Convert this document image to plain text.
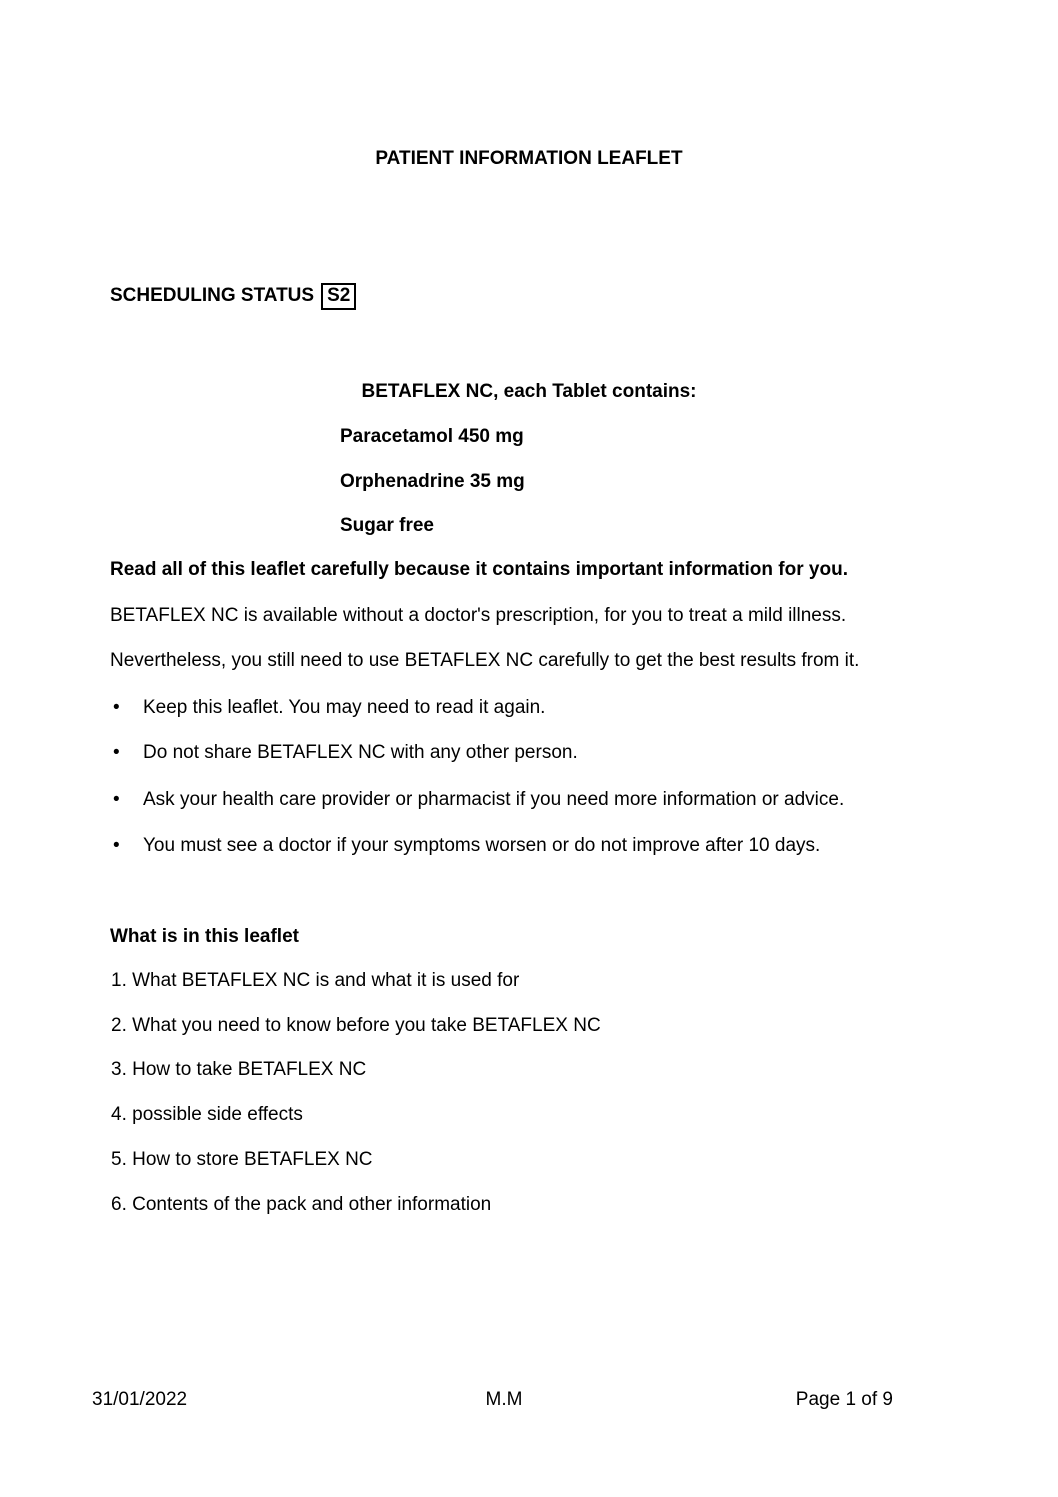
PATIENT INFORMATION LEAFLET
SCHEDULING STATUS S2
BETAFLEX NC, each Tablet contains:
Paracetamol 450 mg
Orphenadrine 35 mg
Sugar free
Read all of this leaflet carefully because it contains important information for you.
BETAFLEX NC is available without a doctor's prescription, for you to treat a mild illness.
Nevertheless, you still need to use BETAFLEX NC carefully to get the best results from it.
• Keep this leaflet. You may need to read it again.
• Do not share BETAFLEX NC with any other person.
• Ask your health care provider or pharmacist if you need more information or advice.
• You must see a doctor if your symptoms worsen or do not improve after 10 days.
What is in this leaflet
1. What BETAFLEX NC is and what it is used for
2. What you need to know before you take BETAFLEX NC
3. How to take BETAFLEX NC
4. possible side effects
5. How to store BETAFLEX NC
6. Contents of the pack and other information
31/01/2022	M.M	Page 1 of 9
